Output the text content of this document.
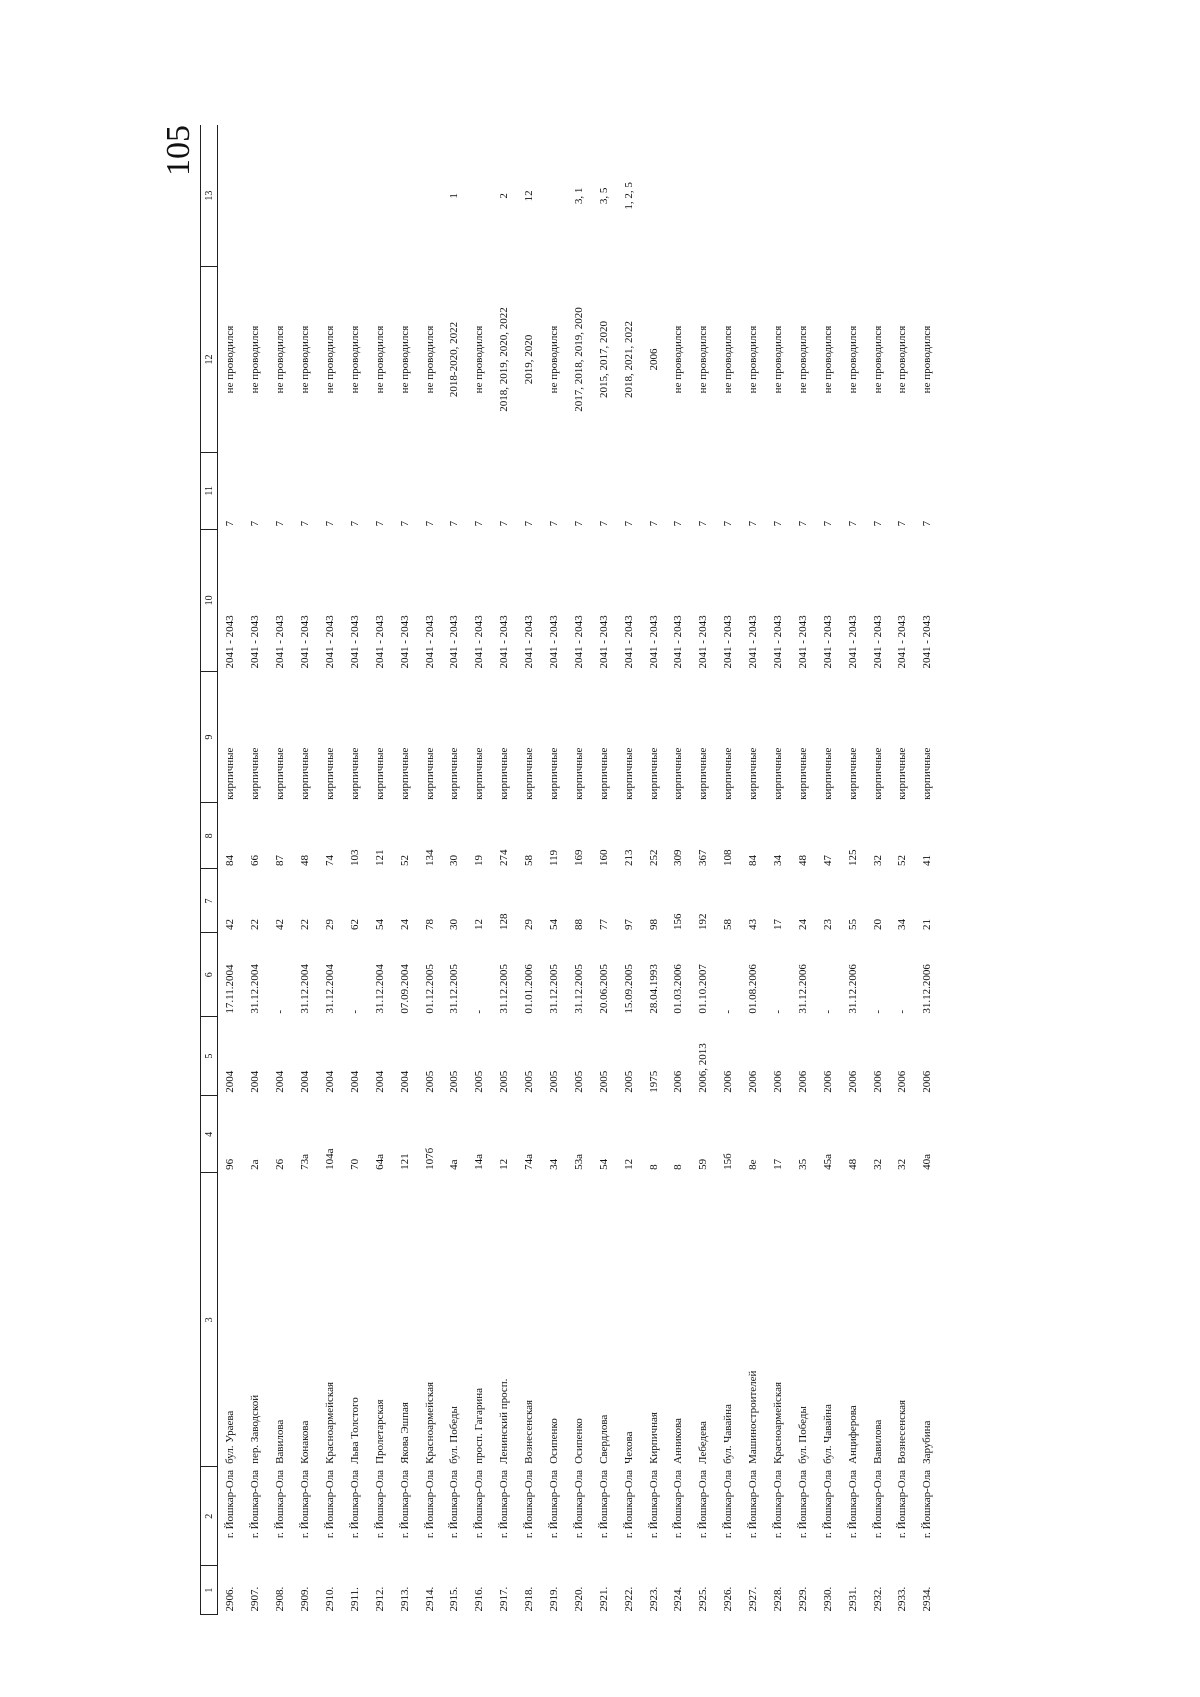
105
1	2	3	4	5	6	7	8	9	10	11	12	13
2906.	г. Йошкар-Ола	бул. Ураева	96	2004	17.11.2004	42	84	кирпичные	2041 - 2043	7	не проводился	
2907.	г. Йошкар-Ола	пер. Заводской	2а	2004	31.12.2004	22	66	кирпичные	2041 - 2043	7	не проводился	
2908.	г. Йошкар-Ола	Вавилова	26	2004	-	42	87	кирпичные	2041 - 2043	7	не проводился	
2909.	г. Йошкар-Ола	Конакова	73а	2004	31.12.2004	22	48	кирпичные	2041 - 2043	7	не проводился	
2910.	г. Йошкар-Ола	Красноармейская	104а	2004	31.12.2004	29	74	кирпичные	2041 - 2043	7	не проводился	
2911.	г. Йошкар-Ола	Льва Толстого	70	2004	-	62	103	кирпичные	2041 - 2043	7	не проводился	
2912.	г. Йошкар-Ола	Пролетарская	64а	2004	31.12.2004	54	121	кирпичные	2041 - 2043	7	не проводился	
2913.	г. Йошкар-Ола	Якова Эшпая	121	2004	07.09.2004	24	52	кирпичные	2041 - 2043	7	не проводился	
2914.	г. Йошкар-Ола	Красноармейская	107б	2005	01.12.2005	78	134	кирпичные	2041 - 2043	7	не проводился	
2915.	г. Йошкар-Ола	бул. Победы	4а	2005	31.12.2005	30	30	кирпичные	2041 - 2043	7	2018-2020, 2022	1
2916.	г. Йошкар-Ола	просп. Гагарина	14а	2005	-	12	19	кирпичные	2041 - 2043	7	не проводился	
2917.	г. Йошкар-Ола	Ленинский просп.	12	2005	31.12.2005	128	274	кирпичные	2041 - 2043	7	2018, 2019, 2020, 2022	2
2918.	г. Йошкар-Ола	Вознесенская	74а	2005	01.01.2006	29	58	кирпичные	2041 - 2043	7	2019, 2020	12
2919.	г. Йошкар-Ола	Осипенко	34	2005	31.12.2005	54	119	кирпичные	2041 - 2043	7	не проводился	
2920.	г. Йошкар-Ола	Осипенко	53а	2005	31.12.2005	88	169	кирпичные	2041 - 2043	7	2017, 2018, 2019, 2020	3, 1
2921.	г. Йошкар-Ола	Свердлова	54	2005	20.06.2005	77	160	кирпичные	2041 - 2043	7	2015, 2017, 2020	3, 5
2922.	г. Йошкар-Ола	Чехова	12	2005	15.09.2005	97	213	кирпичные	2041 - 2043	7	2018, 2021, 2022	1, 2, 5
2923.	г. Йошкар-Ола	Кирпичная	8	1975	28.04.1993	98	252	кирпичные	2041 - 2043	7	2006	
2924.	г. Йошкар-Ола	Анникова	8	2006	01.03.2006	156	309	кирпичные	2041 - 2043	7	не проводился	
2925.	г. Йошкар-Ола	Лебедева	59	2006, 2013	01.10.2007	192	367	кирпичные	2041 - 2043	7	не проводился	
2926.	г. Йошкар-Ола	бул. Чавайна	15б	2006	-	58	108	кирпичные	2041 - 2043	7	не проводился	
2927.	г. Йошкар-Ола	Машиностроителей	8е	2006	01.08.2006	43	84	кирпичные	2041 - 2043	7	не проводился	
2928.	г. Йошкар-Ола	Красноармейская	17	2006	-	17	34	кирпичные	2041 - 2043	7	не проводился	
2929.	г. Йошкар-Ола	бул. Победы	35	2006	31.12.2006	24	48	кирпичные	2041 - 2043	7	не проводился	
2930.	г. Йошкар-Ола	бул. Чавайна	45а	2006	-	23	47	кирпичные	2041 - 2043	7	не проводился	
2931.	г. Йошкар-Ола	Анциферова	48	2006	31.12.2006	55	125	кирпичные	2041 - 2043	7	не проводился	
2932.	г. Йошкар-Ола	Вавилова	32	2006	-	20	32	кирпичные	2041 - 2043	7	не проводился	
2933.	г. Йошкар-Ола	Вознесенская	32	2006	-	34	52	кирпичные	2041 - 2043	7	не проводился	
2934.	г. Йошкар-Ола	Зарубина	40а	2006	31.12.2006	21	41	кирпичные	2041 - 2043	7	не проводился	
